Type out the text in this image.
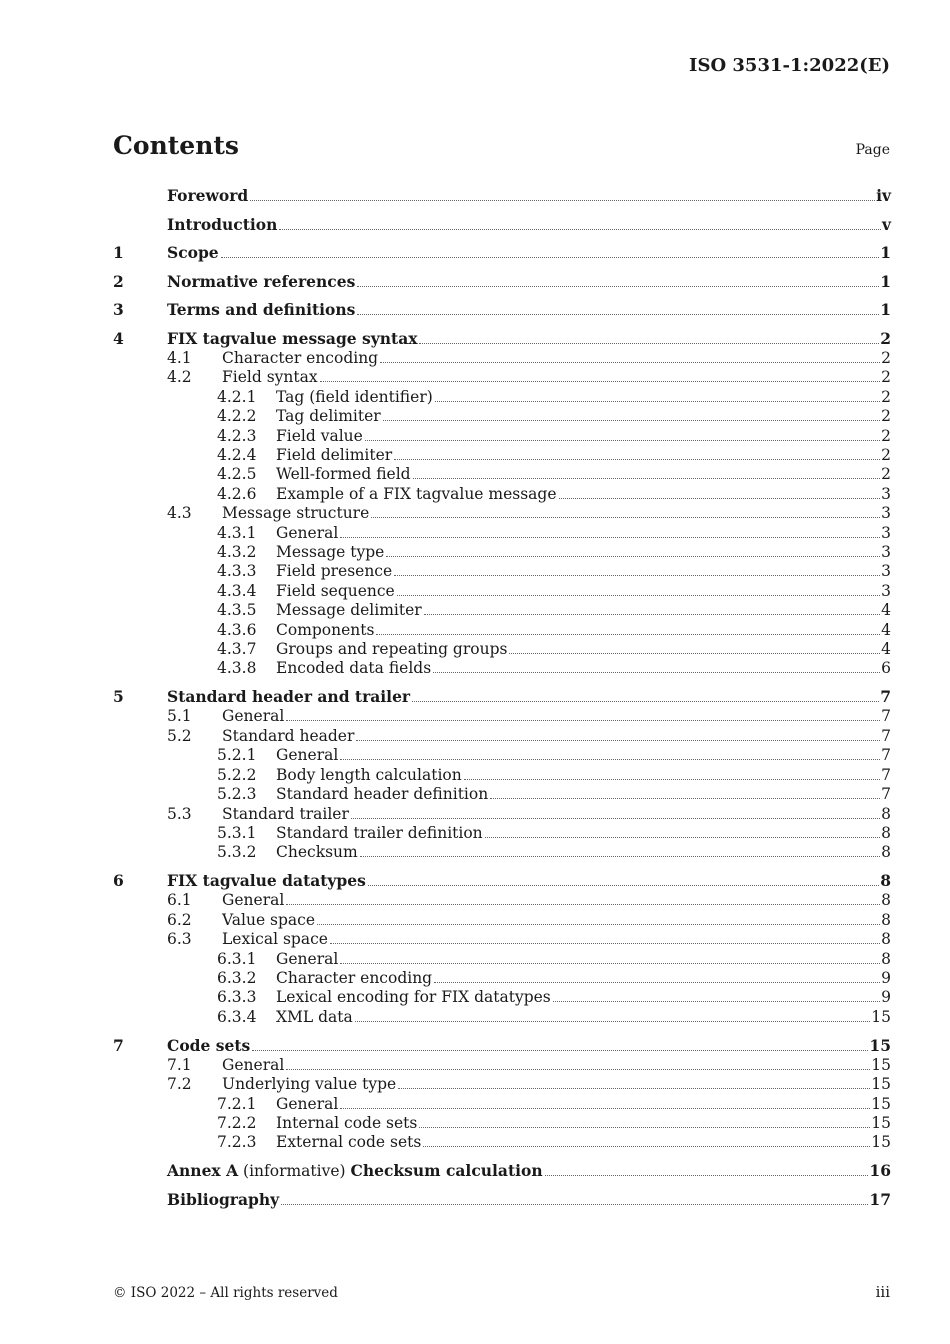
ISO 3531-1:2022(E)
Contents	Page
Foreword	iv
Introduction	v
1	Scope	1
2	Normative references	1
3	Terms and definitions	1
4	FIX tagvalue message syntax	2
4.1	Character encoding	2
4.2	Field syntax	2
4.2.1	Tag (field identifier)	2
4.2.2	Tag delimiter	2
4.2.3	Field value	2
4.2.4	Field delimiter	2
4.2.5	Well-formed field	2
4.2.6	Example of a FIX tagvalue message	3
4.3	Message structure	3
4.3.1	General	3
4.3.2	Message type	3
4.3.3	Field presence	3
4.3.4	Field sequence	3
4.3.5	Message delimiter	4
4.3.6	Components	4
4.3.7	Groups and repeating groups	4
4.3.8	Encoded data fields	6
5	Standard header and trailer	7
5.1	General	7
5.2	Standard header	7
5.2.1	General	7
5.2.2	Body length calculation	7
5.2.3	Standard header definition	7
5.3	Standard trailer	8
5.3.1	Standard trailer definition	8
5.3.2	Checksum	8
6	FIX tagvalue datatypes	8
6.1	General	8
6.2	Value space	8
6.3	Lexical space	8
6.3.1	General	8
6.3.2	Character encoding	9
6.3.3	Lexical encoding for FIX datatypes	9
6.3.4	XML data	15
7	Code sets	15
7.1	General	15
7.2	Underlying value type	15
7.2.1	General	15
7.2.2	Internal code sets	15
7.2.3	External code sets	15
Annex A (informative) Checksum calculation	16
Bibliography	17
© ISO 2022 – All rights reserved	iii
